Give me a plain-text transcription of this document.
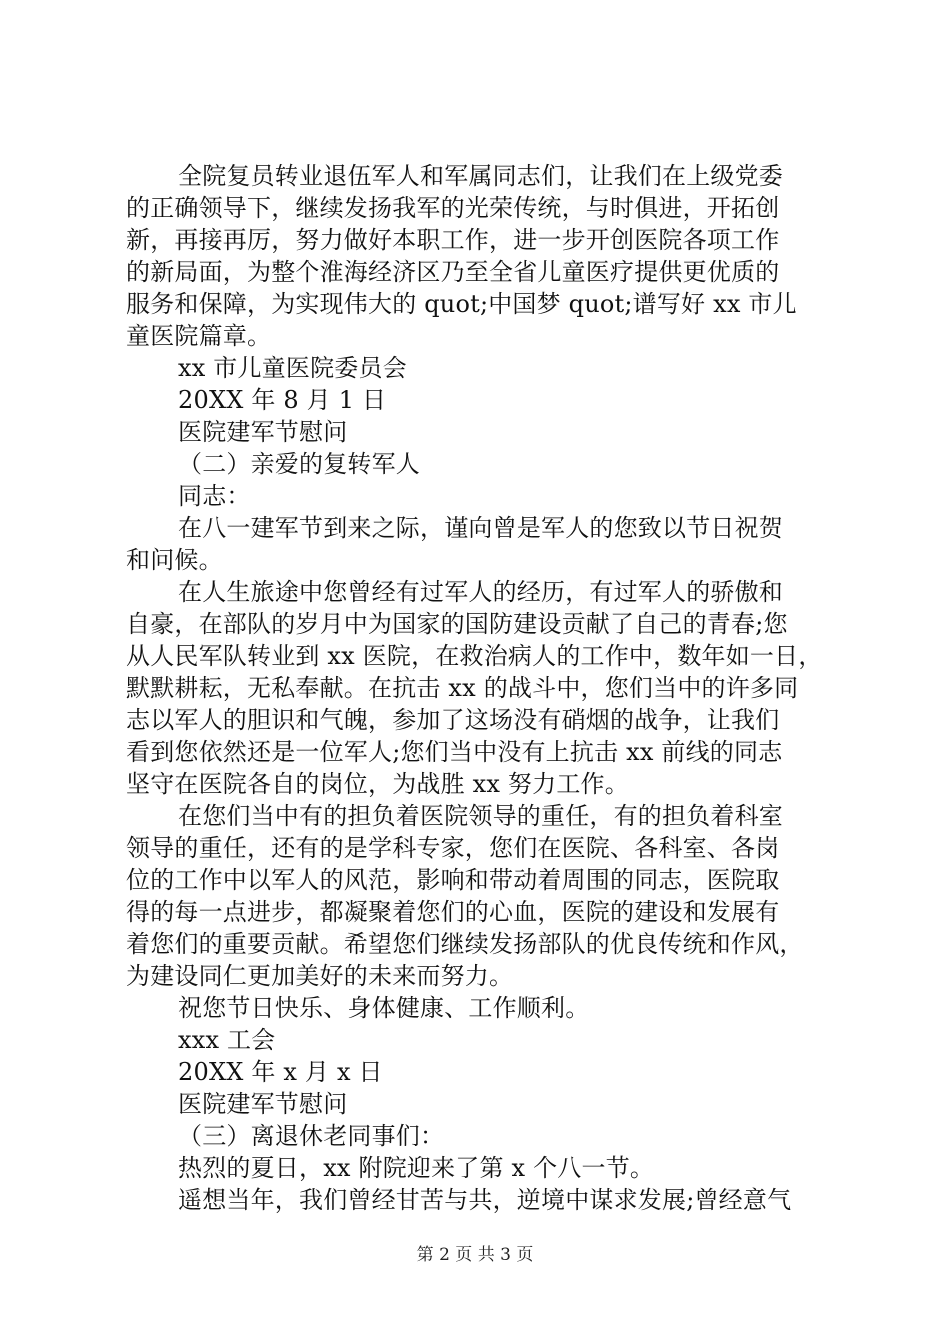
全院复员转业退伍军人和军属同志们，让我们在上级党委
的正确领导下，继续发扬我军的光荣传统，与时俱进，开拓创
新，再接再厉，努力做好本职工作，进一步开创医院各项工作
的新局面，为整个淮海经济区乃至全省儿童医疗提供更优质的
服务和保障，为实现伟大的 quot;中国梦 quot;谱写好 xx 市儿
童医院篇章。
xx 市儿童医院委员会
20XX 年 8 月 1 日
医院建军节慰问
（二）亲爱的复转军人
同志：
在八一建军节到来之际，谨向曾是军人的您致以节日祝贺
和问候。
在人生旅途中您曾经有过军人的经历，有过军人的骄傲和
自豪，在部队的岁月中为国家的国防建设贡献了自己的青春;您
从人民军队转业到 xx 医院，在救治病人的工作中，数年如一日，
默默耕耘，无私奉献。在抗击 xx 的战斗中，您们当中的许多同
志以军人的胆识和气魄，参加了这场没有硝烟的战争，让我们
看到您依然还是一位军人;您们当中没有上抗击 xx 前线的同志
坚守在医院各自的岗位，为战胜 xx 努力工作。
在您们当中有的担负着医院领导的重任，有的担负着科室
领导的重任，还有的是学科专家，您们在医院、各科室、各岗
位的工作中以军人的风范，影响和带动着周围的同志，医院取
得的每一点进步，都凝聚着您们的心血，医院的建设和发展有
着您们的重要贡献。希望您们继续发扬部队的优良传统和作风，
为建设同仁更加美好的未来而努力。
祝您节日快乐、身体健康、工作顺利。
xxx 工会
20XX 年 x 月 x 日
医院建军节慰问
（三）离退休老同事们：
热烈的夏日，xx 附院迎来了第 x 个八一节。
遥想当年，我们曾经甘苦与共，逆境中谋求发展;曾经意气
第 2 页 共 3 页
